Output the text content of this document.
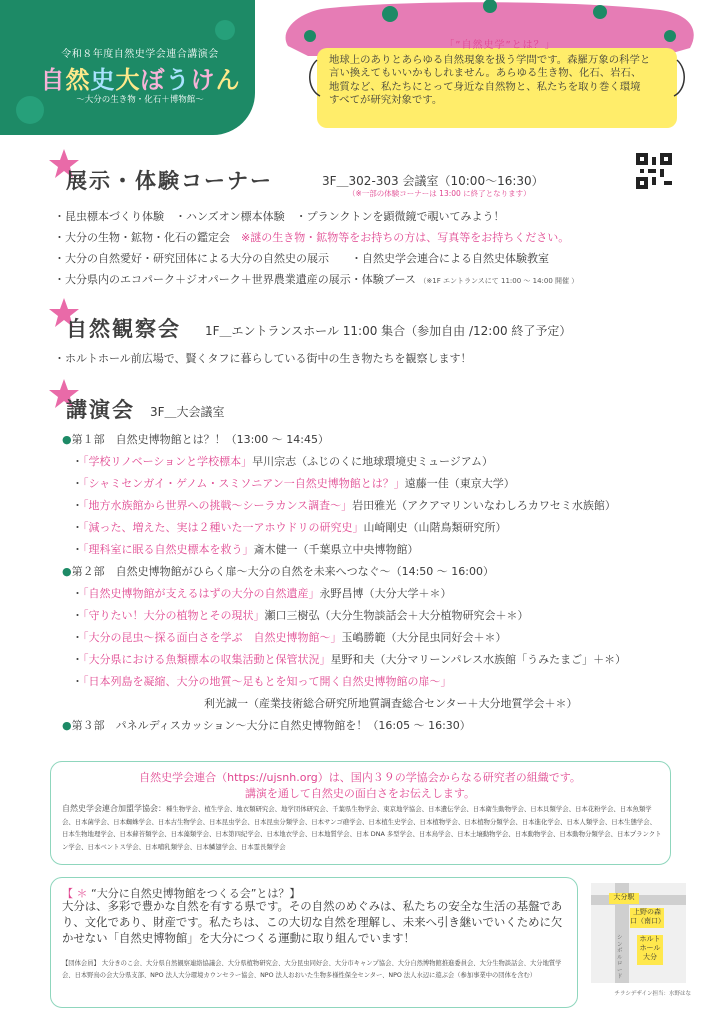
令和８年度自然史学会連合講演会
自然史大ぼうけん
〜大分の生き物・化石＋博物館〜
「”自然史学”とは？」
地球上のありとあらゆる自然現象を扱う学問です。森羅万象の科学と
言い換えてもいいかもしれません。あらゆる生き物、化石、岩石、
地質など、私たちにとって身近な自然物と、私たちを取り巻く環境
すべてが研究対象です。
展示・体験コーナー	3F＿302-303 会議室（10:00〜16:30）
（※一部の体験コーナーは 13:00 に終了となります）
・昆虫標本づくり体験　・ハンズオン標本体験　・プランクトンを顕微鏡で覗いてみよう！
・大分の生物・鉱物・化石の鑑定会　※謎の生き物・鉱物等をお持ちの方は、写真等をお持ちください。
・大分の自然愛好・研究団体による大分の自然史の展示　　・自然史学会連合による自然史体験教室
・大分県内のエコパーク＋ジオパーク＋世界農業遺産の展示・体験ブース （※1F エントランスにて 11:00 〜 14:00 開催 ）
自然観察会 1F＿エントランスホール 11:00 集合（参加自由 /12:00 終了予定）
・ホルトホール前広場で、賢くタフに暮らしている街中の生き物たちを観察します！
講演会 3F＿大会議室
●第１部　自然史博物館とは？！（13:00 〜 14:45）
・「学校リノベーションと学校標本」早川宗志（ふじのくに地球環境史ミュージアム）
・「シャミセンガイ・ゲノム・スミソニアン一自然史博物館とは？」遠藤一佳（東京大学）
・「地方水族館から世界への挑戦〜シーラカンス調査〜」岩田雅光（アクアマリンいなわしろカワセミ水族館）
・「減った、増えた、実は２種いた一アホウドリの研究史」山崎剛史（山階鳥類研究所）
・「理科室に眠る自然史標本を救う」斎木健一（千葉県立中央博物館）
●第２部　自然史博物館がひらく扉〜大分の自然を未来へつなぐ〜（14:50 〜 16:00）
・「自然史博物館が支えるはずの大分の自然遺産」永野昌博（大分大学＋＊）
・「守りたい！大分の植物とその現状」瀬口三樹弘（大分生物談話会＋大分植物研究会＋＊）
・「大分の昆虫〜探る面白さを学ぶ　自然史博物館〜」玉嶋勝範（大分昆虫同好会＋＊）
・「大分県における魚類標本の収集活動と保管状況」星野和夫（大分マリーンパレス水族館「うみたまご」＋＊）
・「日本列島を凝縮、大分の地質〜足もとを知って開く自然史博物館の扉〜」
利光誠一（産業技術総合研究所地質調査総合センター＋大分地質学会＋＊）
●第３部　パネルディスカッション〜大分に自然史博物館を！（16:05 〜 16:30）
自然史学会連合（https://ujsnh.org）は、国内３９の学協会からなる研究者の組織です。
講演を通して自然史の面白さをお伝えします。
自然史学会連合加盟学協会：種生物学会、植生学会、地衣類研究会、地学団体研究会、千葉県生物学会、東京地学協会、日本遺伝学会、日本衛生動物学会、日本貝類学会、日本花粉学会、日本魚類学会、日本菌学会、日本蜘蛛学会、日本古生物学会、日本昆虫学会、日本昆虫分類学会、日本サンゴ礁学会、日本植生史学会、日本植物学会、日本植物分類学会、日本進化学会、日本人類学会、日本生態学会、日本生物地理学会、日本蘚苔類学会、日本藻類学会、日本第四紀学会、日本地衣学会、日本地質学会、日本 DNA 多型学会、日本鳥学会、日本土壌動物学会、日本動物学会、日本動物分類学会、日本プランクトン学会、日本ベントス学会、日本哺乳類学会、日本鱗翅学会、日本霊長類学会
【 ＊ “大分に自然史博物館をつくる会”とは？】
大分は、多彩で豊かな自然を有する県です。その自然のめぐみは、私たちの安全な生活の基盤であり、文化であり、財産です。私たちは、この大切な自然を理解し、未来へ引き継いでいくために欠かせない「自然史博物館」を大分につくる運動に取り組んでいます！
【団体会員】 大分きのこ会、大分県自然観察連絡協議会、大分県植物研究会、大分昆虫同好会、大分市キャンプ協会、大分自然博物館推進委員会、大分生物談話会、大分地質学会、日本野鳥の会大分県支部、NPO 法人大分環境カウンセラー協会、NPO 法人おおいた生物多様性保全センター、NPO 法人水辺に遊ぶ会（参加事業中の団体を含む）
大分駅
上野の森口（南口）
ホルトホール大分
シンボルロード
チラシデザイン担当：水野はな
